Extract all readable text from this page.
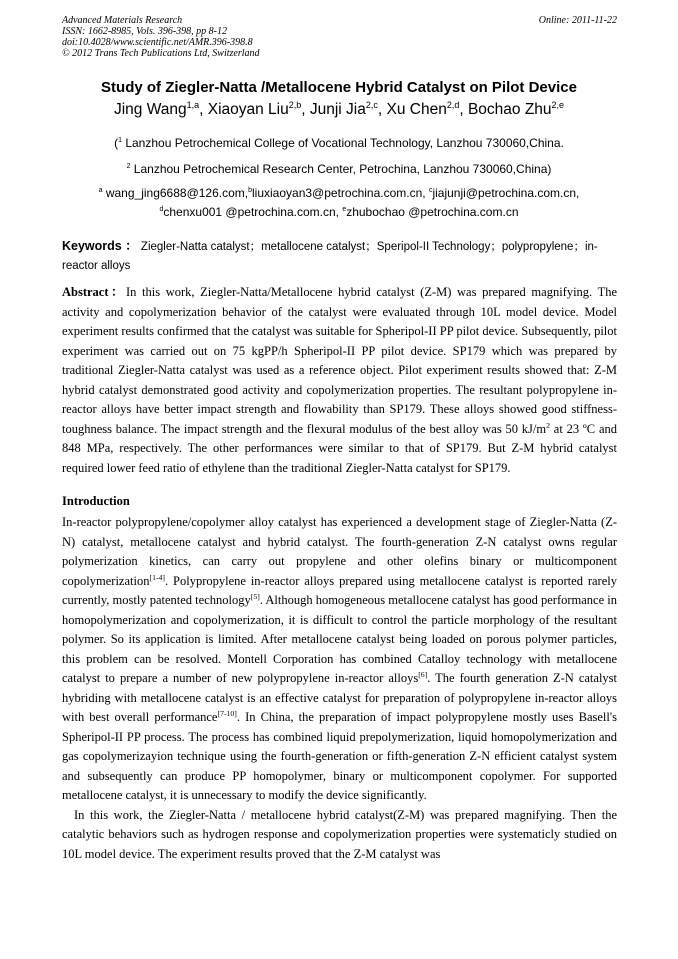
Advanced Materials Research	Online: 2011-11-22
ISSN: 1662-8985, Vols. 396-398, pp 8-12
doi:10.4028/www.scientific.net/AMR.396-398.8
© 2012 Trans Tech Publications Ltd, Switzerland
Study of Ziegler-Natta /Metallocene Hybrid Catalyst on Pilot Device
Jing Wang$^{1,a}$, Xiaoyan Liu$^{2,b}$, Junji Jia$^{2,c}$, Xu Chen$^{2,d}$, Bochao Zhu$^{2,e}$
($^1$ Lanzhou Petrochemical College of Vocational Technology, Lanzhou 730060,China.
$^2$ Lanzhou Petrochemical Research Center, Petrochina, Lanzhou 730060,China)
$^a$ wang_jing6688@126.com,$^b$liuxiaoyan3@petrochina.com.cn, $^c$jiajunji@petrochina.com.cn,
$^d$chenxu001 @petrochina.com.cn, $^e$zhubochao @petrochina.com.cn
Keywords ： Ziegler-Natta catalyst；metallocene catalyst；Speripol-II Technology；polypropylene；in-reactor alloys

Abstract：In this work, Ziegler-Natta/Metallocene hybrid catalyst (Z-M) was prepared magnifying. The activity and copolymerization behavior of the catalyst were evaluated through 10L model device. Model experiment results confirmed that the catalyst was suitable for Spheripol-II PP pilot device. Subsequently, pilot experiment was carried out on 75 kgPP/h Spheripol-II PP pilot device. SP179 which was prepared by traditional Ziegler-Natta catalyst was used as a reference object. Pilot experiment results showed that: Z-M hybrid catalyst demonstrated good activity and copolymerization properties. The resultant polypropylene in-reactor alloys have better impact strength and flowability than SP179. These alloys showed good stiffness-toughness balance. The impact strength and the flexural modulus of the best alloy was 50 $kJ/m^2$ at 23 ºC and 848 MPa, respectively. The other performances were similar to that of SP179. But Z-M hybrid catalyst required lower feed ratio of ethylene than the traditional Ziegler-Natta catalyst for SP179.

Introduction

In-reactor polypropylene/copolymer alloy catalyst has experienced a development stage of Ziegler-Natta (Z-N) catalyst, metallocene catalyst and hybrid catalyst. The fourth-generation Z-N catalyst owns regular polymerization kinetics, can carry out propylene and other olefins binary or multicomponent copolymerization[1-4]. Polypropylene in-reactor alloys prepared using metallocene catalyst is reported rarely currently, mostly patented technology[5]. Although homogeneous metallocene catalyst has good performance in homopolymerization and copolymerization, it is difficult to control the particle morphology of the resultant polymer. So its application is limited. After metallocene catalyst being loaded on porous polymer particles, this problem can be resolved. Montell Corporation has combined Catalloy technology with metallocene catalyst to prepare a number of new polypropylene in-reactor alloys[6]. The fourth generation Z-N catalyst hybriding with metallocene catalyst is an effective catalyst for preparation of polypropylene in-reactor alloys with best overall performance[7-10]. In China, the preparation of impact polypropylene mostly uses Basell's Spheripol-II PP process. The process has combined liquid prepolymerization, liquid homopolymerization and gas copolymerizayion technique using the fourth-generation or fifth-generation Z-N efficient catalyst system and subsequently can produce PP homopolymer, binary or multicomponent copolymer. For supported metallocene catalyst, it is unnecessary to modify the device significantly.

In this work, the Ziegler-Natta / metallocene hybrid catalyst(Z-M) was prepared magnifying. Then the catalytic behaviors such as hydrogen response and copolymerization properties were systematicly studied on 10L model device. The experiment results proved that the Z-M catalyst was
